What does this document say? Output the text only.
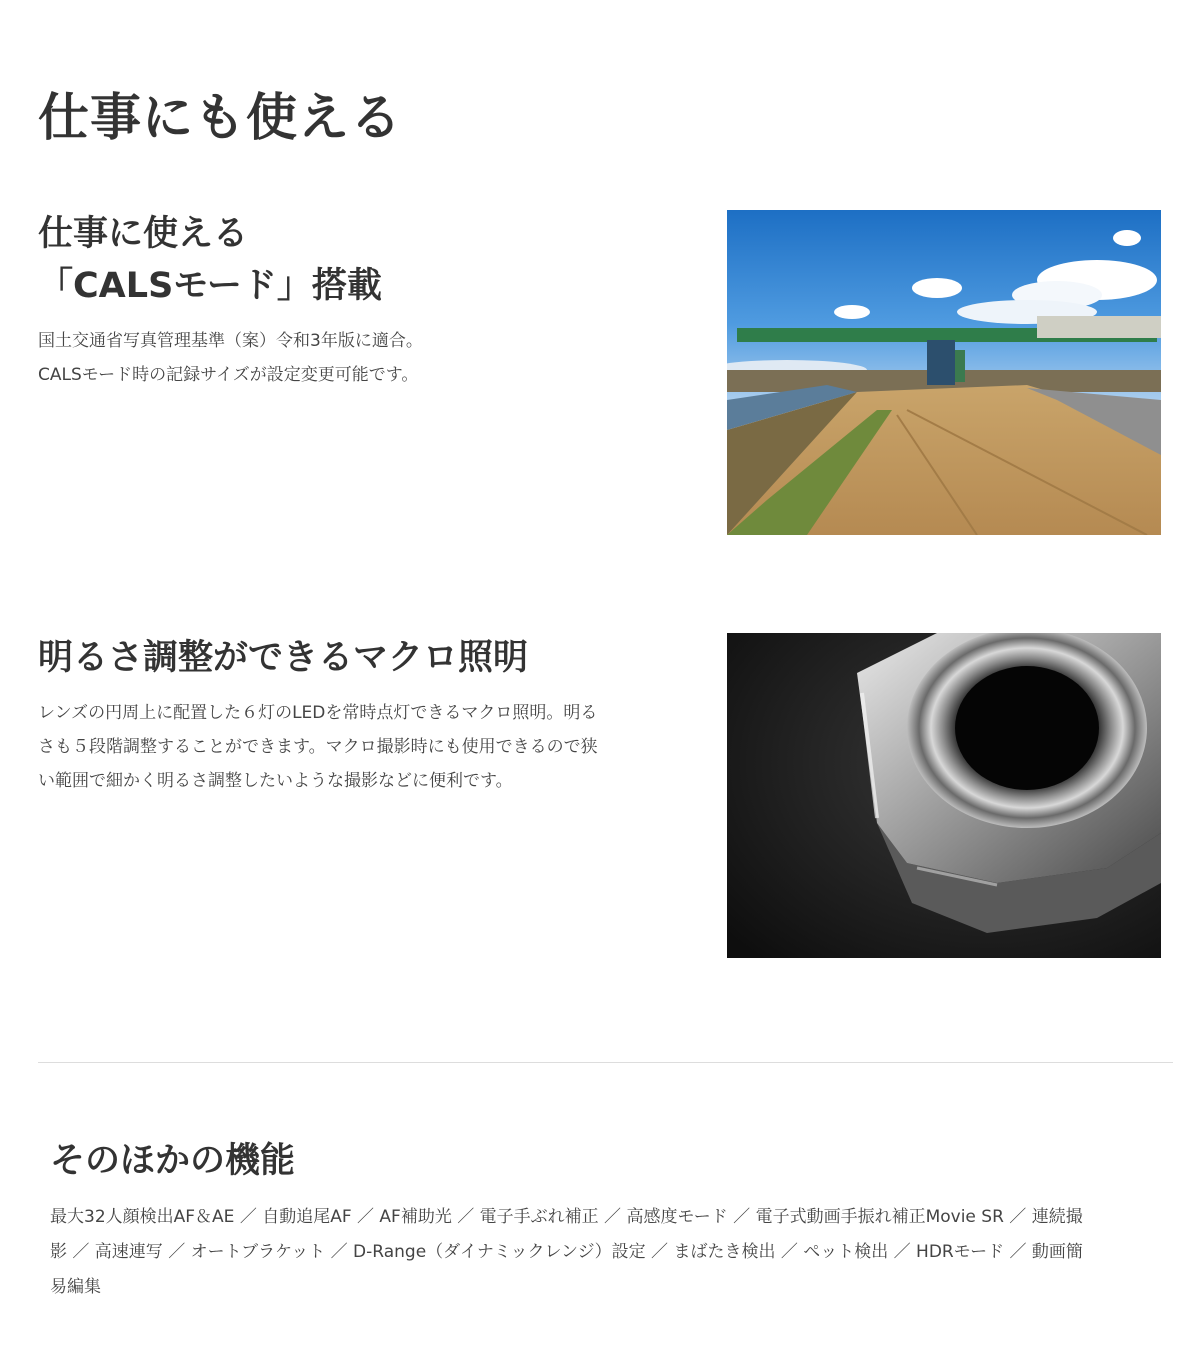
仕事にも使える
仕事に使える
「CALSモード」搭載

国土交通省写真管理基準（案）令和3年版に適合。
CALSモード時の記録サイズが設定変更可能です。

明るさ調整ができるマクロ照明

レンズの円周上に配置した６灯のLEDを常時点灯できるマクロ照明。明る
さも５段階調整することができます。マクロ撮影時にも使用できるので狭
い範囲で細かく明るさ調整したいような撮影などに便利です。

そのほかの機能

最大32人顔検出AF＆AE ／ 自動追尾AF ／ AF補助光 ／ 電子手ぶれ補正 ／ 高感度モード ／ 電子式動画手振れ補正Movie SR ／ 連続撮
影 ／ 高速連写 ／ オートブラケット ／ D-Range（ダイナミックレンジ）設定 ／ まばたき検出 ／ ペット検出 ／ HDRモード ／ 動画簡
易編集
